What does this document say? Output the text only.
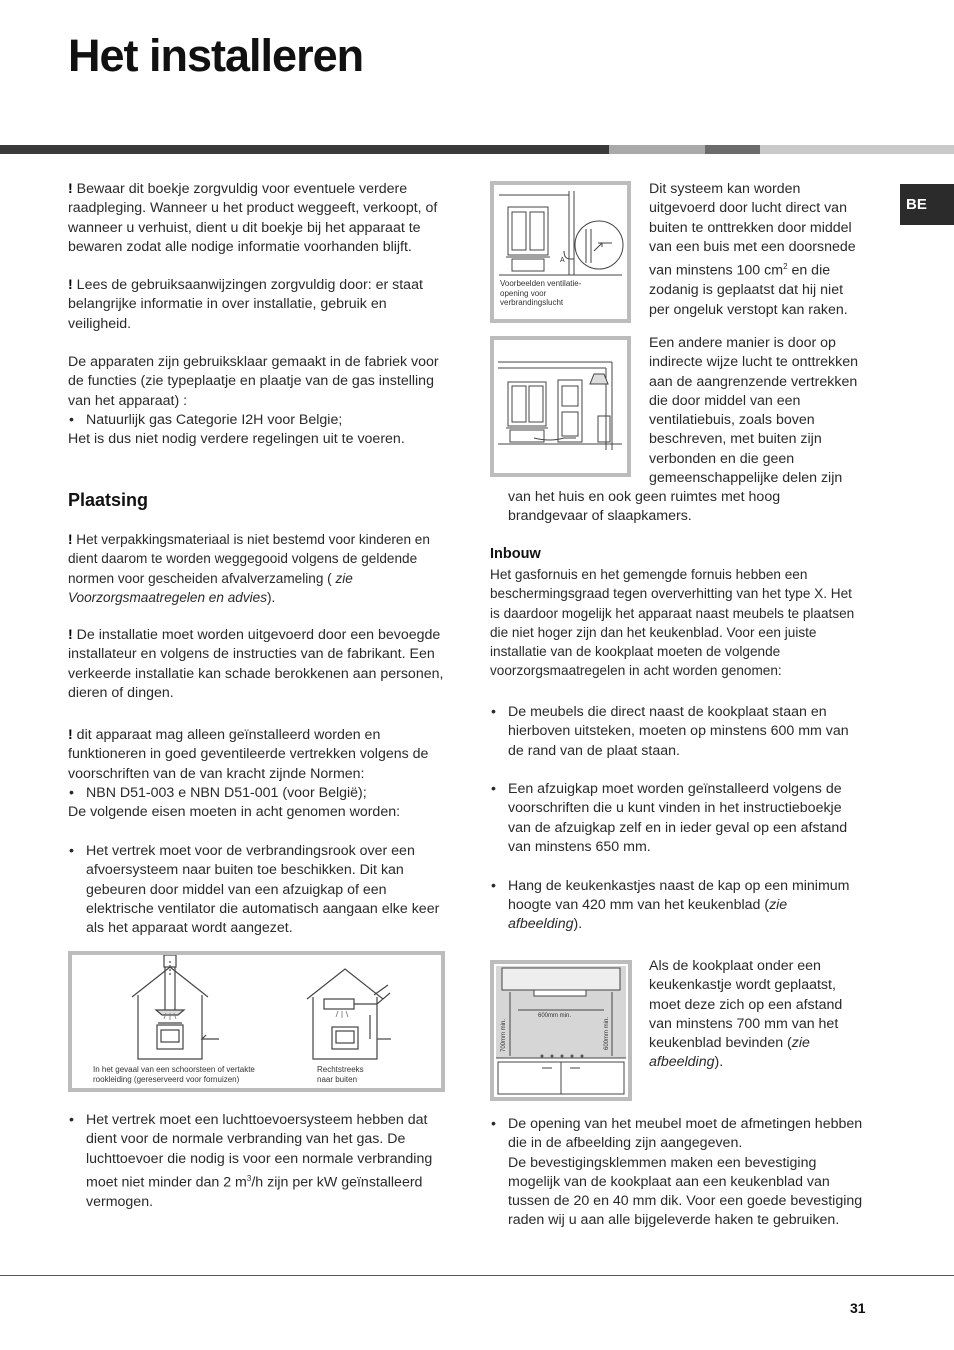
Het installeren
BE

! Bewaar dit boekje zorgvuldig voor eventuele verdere raadpleging. Wanneer u het product weggeeft, verkoopt, of wanneer u verhuist, dient u dit boekje bij het apparaat te bewaren zodat alle nodige informatie voorhanden blijft.

! Lees de gebruiksaanwijzingen zorgvuldig door: er staat belangrijke informatie in over installatie, gebruik en veiligheid.

De apparaten zijn gebruiksklaar gemaakt in de fabriek voor de functies (zie typeplaatje en plaatje van de gas instelling van het apparaat) :
• Natuurlijk gas Categorie I2H voor Belgie;
Het is dus niet nodig verdere regelingen uit te voeren.
Plaatsing

! Het verpakkingsmateriaal is niet bestemd voor kinderen en dient daarom te worden weggegooid volgens de geldende normen voor gescheiden afvalverzameling ( zie Voorzorgsmaatregelen en advies).

! De installatie moet worden uitgevoerd door een bevoegde installateur en volgens de instructies van de fabrikant. Een verkeerde installatie kan schade berokkenen aan personen, dieren of dingen.

! dit apparaat mag alleen geïnstalleerd worden en funktioneren in goed geventileerde vertrekken volgens de voorschriften van de van kracht zijnde Normen:
• NBN D51-003 e NBN D51-001 (voor België);
De volgende eisen moeten in acht genomen worden:
• Het vertrek moet voor de verbrandingsrook over een afvoersysteem naar buiten toe beschikken. Dit kan gebeuren door middel van een afzuigkap of een elektrische ventilator die automatisch aangaan elke keer als het apparaat wordt aangezet.
In het gevaal van een schoorsteen of vertakte rookleiding (gereserveerd voor fornuizen)
Rechtstreeks naar buiten
• Het vertrek moet een luchttoevoersysteem hebben dat dient voor de normale verbranding van het gas. De luchttoevoer die nodig is voor een normale verbranding moet niet minder dan 2 $m^3/h$ zijn per kW geïnstalleerd vermogen.
A
Voorbeelden ventilatie-opening voor verbrandingslucht

Dit systeem kan worden uitgevoerd door lucht direct van buiten te onttrekken door middel van een buis met een doorsnede van minstens 100 $cm^2$ en die zodanig is geplaatst dat hij niet per ongeluk verstopt kan raken.

Een andere manier is door op indirecte wijze lucht te onttrekken aan de aangrenzende vertrekken die door middel van een ventilatiebuis, zoals boven beschreven, met buiten zijn verbonden en die geen gemeenschappelijke delen zijn

van het huis en ook geen ruimtes met hoog brandgevaar of slaapkamers.

Inbouw

Het gasfornuis en het gemengde fornuis hebben een beschermingsgraad tegen oververhitting van het type X. Het is daardoor mogelijk het apparaat naast meubels te plaatsen die niet hoger zijn dan het keukenblad. Voor een juiste installatie van de kookplaat moeten de volgende voorzorgsmaatregelen in acht worden genomen:

• De meubels die direct naast de kookplaat staan en hierboven uitsteken, moeten op minstens 600 mm van de rand van de plaat staan.
• Een afzuigkap moet worden geïnstalleerd volgens de voorschriften die u kunt vinden in het instructieboekje van de afzuigkap zelf en in ieder geval op een afstand van minstens 650 mm.
• Hang de keukenkastjes naast de kap op een minimum hoogte van 420 mm van het keukenblad (zie afbeelding).
600mm min.
700mm min.	600mm min.

Als de kookplaat onder een keukenkastje wordt geplaatst, moet deze zich op een afstand van minstens 700 mm van het keukenblad bevinden (zie afbeelding).

• De opening van het meubel moet de afmetingen hebben die in de afbeelding zijn aangegeven.
De bevestigingsklemmen maken een bevestiging mogelijk van de kookplaat aan een keukenblad van tussen de 20 en 40 mm dik. Voor een goede bevestiging raden wij u aan alle bijgeleverde haken te gebruiken.
31
